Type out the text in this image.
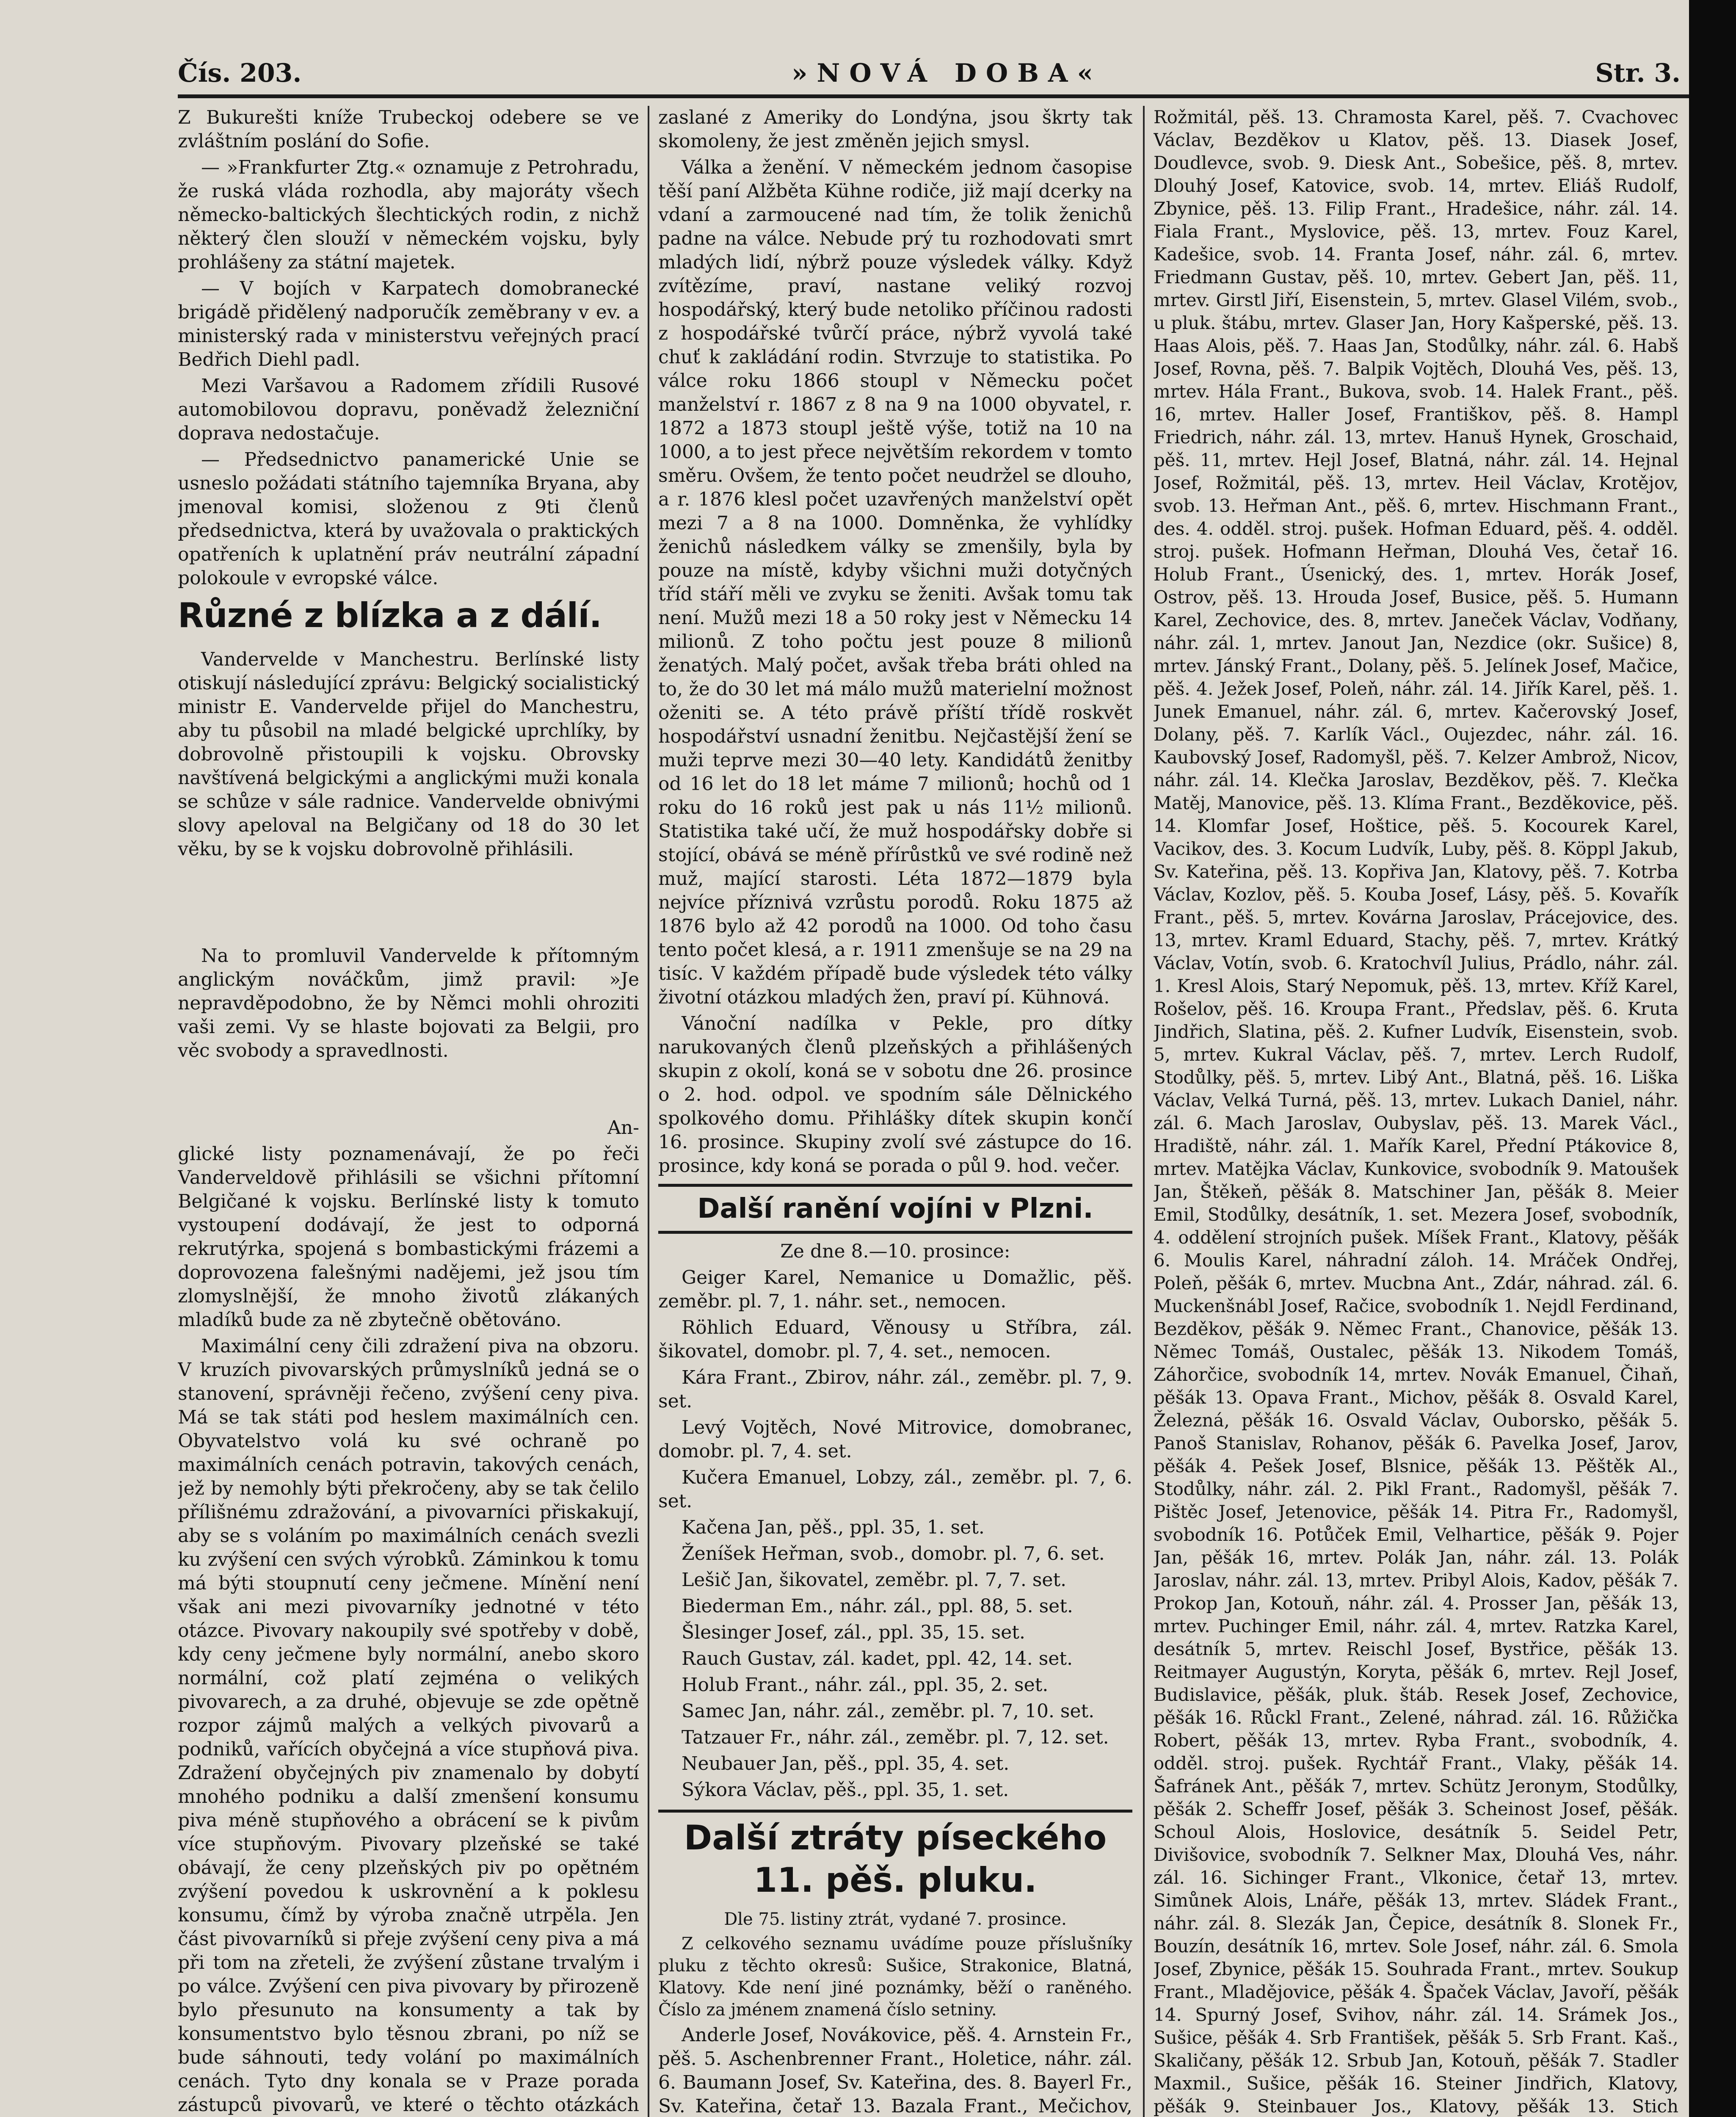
Čís. 203.	»NOVÁ DOBA«	Str. 3.

Z Bukurešti kníže Trubeckoj odebere se ve zvláštním poslání do Sofie.

— »Frankfurter Ztg.« oznamuje z Petrohradu, že ruská vláda rozhodla, aby majoráty všech německo-baltických šlechtických rodin, z nichž některý člen slouží v německém vojsku, byly prohlášeny za státní majetek.

— V bojích v Karpatech domobranecké brigádě přidělený nadporučík zeměbrany v ev. a ministerský rada v ministerstvu veřejných prací Bedřich Diehl padl.

Mezi Varšavou a Radomem zřídili Rusové automobilovou dopravu, poněvadž železniční doprava nedostačuje.

— Předsednictvo panamerické Unie se usneslo požádati státního tajemníka Bryana, aby jmenoval komisi, složenou z 9ti členů předsednictva, která by uvažovala o praktických opatřeních k uplatnění práv neutrální západní polokoule v evropské válce.

Různé z blízka a z dálí.

Vandervelde v Manchestru. Berlínské listy otiskují následující zprávu: Belgický socialistický ministr E. Vandervelde přijel do Manchestru, aby tu působil na mladé belgické uprchlíky, by dobrovolně přistoupili k vojsku. Obrovsky navštívená belgickými a anglickými muži konala se schůze v sále radnice. Vandervelde obnivými slovy apeloval na Belgičany od 18 do 30 let věku, by se k vojsku dobrovolně přihlásili.

Na to promluvil Vandervelde k přítomným anglickým nováčkům, jimž pravil: »Je nepravděpodobno, že by Němci mohli ohroziti vaši zemi. Vy se hlaste bojovati za Belgii, pro věc svobody a spravedlnosti.

An-

glické listy poznamenávají, že po řeči Vanderveldově přihlásili se všichni přítomní Belgičané k vojsku. Berlínské listy k tomuto vystoupení dodávají, že jest to odporná rekrutýrka, spojená s bombastickými frázemi a doprovozena falešnými nadějemi, jež jsou tím zlomyslnější, že mnoho životů zlákaných mladíků bude za ně zbytečně obětováno.

Maximální ceny čili zdražení piva na obzoru. V kruzích pivovarských průmyslníků jedná se o stanovení, správněji řečeno, zvýšení ceny piva. Má se tak státi pod heslem maximálních cen. Obyvatelstvo volá ku své ochraně po maximálních cenách potravin, takových cenách, jež by nemohly býti překročeny, aby se tak čelilo přílišnému zdražování, a pivovarníci přiskakují, aby se s voláním po maximálních cenách svezli ku zvýšení cen svých výrobků. Záminkou k tomu má býti stoupnutí ceny ječmene. Mínění není však ani mezi pivovarníky jednotné v této otázce. Pivovary nakoupily své spotřeby v době, kdy ceny ječmene byly normální, anebo skoro normální, což platí zejména o velikých pivovarech, a za druhé, objevuje se zde opětně rozpor zájmů malých a velkých pivovarů a podniků, vařících obyčejná a více stupňová piva. Zdražení obyčejných piv znamenalo by dobytí mnohého podniku a další zmenšení konsumu piva méně stupňového a obrácení se k pivům více stupňovým. Pivovary plzeňské se také obávají, že ceny plzeňských piv po opětném zvýšení povedou k uskrovnění a k poklesu konsumu, čímž by výroba značně utrpěla. Jen část pivovarníků si přeje zvýšení ceny piva a má při tom na zřeteli, že zvýšení zůstane trvalým i po válce. Zvýšení cen piva pivovary by přirozeně bylo přesunuto na konsumenty a tak by konsumentstvo bylo těsnou zbrani, po níž se bude sáhnouti, tedy volání po maximálních cenách. Tyto dny konala se v Praze porada zástupců pivovarů, ve které o těchto otázkách

zaslané z Ameriky do Londýna, jsou škrty tak skomoleny, že jest změněn jejich smysl.

Válka a ženění. V německém jednom časopise těší paní Alžběta Kühne rodiče, již mají dcerky na vdaní a zarmoucené nad tím, že tolik ženichů padne na válce. Nebude prý tu rozhodovati smrt mladých lidí, nýbrž pouze výsledek války. Když zvítězíme, praví, nastane veliký rozvoj hospodářský, který bude netoliko příčinou radosti z hospodářské tvůrčí práce, nýbrž vyvolá také chuť k zakládání rodin. Stvrzuje to statistika. Po válce roku 1866 stoupl v Německu počet manželství r. 1867 z 8 na 9 na 1000 obyvatel, r. 1872 a 1873 stoupl ještě výše, totiž na 10 na 1000, a to jest přece největším rekordem v tomto směru. Ovšem, že tento počet neudržel se dlouho, a r. 1876 klesl počet uzavřených manželství opět mezi 7 a 8 na 1000. Domněnka, že vyhlídky ženichů následkem války se zmenšily, byla by pouze na místě, kdyby všichni muži dotyčných tříd stáří měli ve zvyku se ženiti. Avšak tomu tak není. Mužů mezi 18 a 50 roky jest v Německu 14 milionů. Z toho počtu jest pouze 8 milionů ženatých. Malý počet, avšak třeba bráti ohled na to, že do 30 let má málo mužů materielní možnost oženiti se. A této právě příští třídě roskvět hospodářství usnadní ženitbu. Nejčastější žení se muži teprve mezi 30—40 lety. Kandidátů ženitby od 16 let do 18 let máme 7 milionů; hochů od 1 roku do 16 roků jest pak u nás 11½ milionů. Statistika také učí, že muž hospodářsky dobře si stojící, obává se méně přírůstků ve své rodině než muž, mající starosti. Léta 1872—1879 byla nejvíce příznivá vzrůstu porodů. Roku 1875 až 1876 bylo až 42 porodů na 1000. Od toho času tento počet klesá, a r. 1911 zmenšuje se na 29 na tisíc. V každém případě bude výsledek této války životní otázkou mladých žen, praví pí. Kühnová.

Vánoční nadílka v Pekle, pro dítky narukovaných členů plzeňských a přihlášených skupin z okolí, koná se v sobotu dne 26. prosince o 2. hod. odpol. ve spodním sále Dělnického spolkového domu. Přihlášky dítek skupin končí 16. prosince. Skupiny zvolí své zástupce do 16. prosince, kdy koná se porada o půl 9. hod. večer.

Další ranění vojíni v Plzni.

Ze dne 8.—10. prosince:

Geiger Karel, Nemanice u Domažlic, pěš. zeměbr. pl. 7, 1. náhr. set., nemocen.

Röhlich Eduard, Věnousy u Stříbra, zál. šikovatel, domobr. pl. 7, 4. set., nemocen.

Kára Frant., Zbirov, náhr. zál., zeměbr. pl. 7, 9. set.

Levý Vojtěch, Nové Mitrovice, domobranec, domobr. pl. 7, 4. set.

Kučera Emanuel, Lobzy, zál., zeměbr. pl. 7, 6. set.

Kačena Jan, pěš., ppl. 35, 1. set.

Ženíšek Heřman, svob., domobr. pl. 7, 6. set.

Lešič Jan, šikovatel, zeměbr. pl. 7, 7. set.

Biederman Em., náhr. zál., ppl. 88, 5. set.

Šlesinger Josef, zál., ppl. 35, 15. set.

Rauch Gustav, zál. kadet, ppl. 42, 14. set.

Holub Frant., náhr. zál., ppl. 35, 2. set.

Samec Jan, náhr. zál., zeměbr. pl. 7, 10. set.

Tatzauer Fr., náhr. zál., zeměbr. pl. 7, 12. set.

Neubauer Jan, pěš., ppl. 35, 4. set.

Sýkora Václav, pěš., ppl. 35, 1. set.

Další ztráty píseckého 11. pěš. pluku.

Dle 75. listiny ztrát, vydané 7. prosince.

Z celkového seznamu uvádíme pouze příslušníky pluku z těchto okresů: Sušice, Strakonice, Blatná, Klatovy. Kde není jiné poznámky, běží o raněného. Číslo za jménem znamená číslo setniny.

Anderle Josef, Novákovice, pěš. 4. Arnstein Fr., pěš. 5. Aschenbrenner Frant., Holetice, náhr. zál. 6. Baumann Josef, Sv. Kateřina, des. 8. Bayerl Fr., Sv. Kateřina, četař 13. Bazala Frant., Mečichov,

Rožmitál, pěš. 13. Chramosta Karel, pěš. 7. Cvachovec Václav, Bezděkov u Klatov, pěš. 13. Diasek Josef, Doudlevce, svob. 9. Diesk Ant., Sobešice, pěš. 8, mrtev. Dlouhý Josef, Katovice, svob. 14, mrtev. Eliáš Rudolf, Zbynice, pěš. 13. Filip Frant., Hradešice, náhr. zál. 14. Fiala Frant., Myslovice, pěš. 13, mrtev. Fouz Karel, Kadešice, svob. 14. Franta Josef, náhr. zál. 6, mrtev. Friedmann Gustav, pěš. 10, mrtev. Gebert Jan, pěš. 11, mrtev. Girstl Jiří, Eisenstein, 5, mrtev. Glasel Vilém, svob., u pluk. štábu, mrtev. Glaser Jan, Hory Kašperské, pěš. 13. Haas Alois, pěš. 7. Haas Jan, Stodůlky, náhr. zál. 6. Habš Josef, Rovna, pěš. 7. Balpik Vojtěch, Dlouhá Ves, pěš. 13, mrtev. Hála Frant., Bukova, svob. 14. Halek Frant., pěš. 16, mrtev. Haller Josef, Františkov, pěš. 8. Hampl Friedrich, náhr. zál. 13, mrtev. Hanuš Hynek, Groschaid, pěš. 11, mrtev. Hejl Josef, Blatná, náhr. zál. 14. Hejnal Josef, Rožmitál, pěš. 13, mrtev. Heil Václav, Krotějov, svob. 13. Heřman Ant., pěš. 6, mrtev. Hischmann Frant., des. 4. odděl. stroj. pušek. Hofman Eduard, pěš. 4. odděl. stroj. pušek. Hofmann Heřman, Dlouhá Ves, četař 16. Holub Frant., Úsenický, des. 1, mrtev. Horák Josef, Ostrov, pěš. 13. Hrouda Josef, Busice, pěš. 5. Humann Karel, Zechovice, des. 8, mrtev. Janeček Václav, Vodňany, náhr. zál. 1, mrtev. Janout Jan, Nezdice (okr. Sušice) 8, mrtev. Jánský Frant., Dolany, pěš. 5. Jelínek Josef, Mačice, pěš. 4. Ježek Josef, Poleň, náhr. zál. 14. Jiřík Karel, pěš. 1. Junek Emanuel, náhr. zál. 6, mrtev. Kačerovský Josef, Dolany, pěš. 7. Karlík Václ., Oujezdec, náhr. zál. 16. Kaubovský Josef, Radomyšl, pěš. 7. Kelzer Ambrož, Nicov, náhr. zál. 14. Klečka Jaroslav, Bezděkov, pěš. 7. Klečka Matěj, Manovice, pěš. 13. Klíma Frant., Bezděkovice, pěš. 14. Klomfar Josef, Hoštice, pěš. 5. Kocourek Karel, Vacikov, des. 3. Kocum Ludvík, Luby, pěš. 8. Köppl Jakub, Sv. Kateřina, pěš. 13. Kopřiva Jan, Klatovy, pěš. 7. Kotrba Václav, Kozlov, pěš. 5. Kouba Josef, Lásy, pěš. 5. Kovařík Frant., pěš. 5, mrtev. Kovárna Jaroslav, Prácejovice, des. 13, mrtev. Kraml Eduard, Stachy, pěš. 7, mrtev. Krátký Václav, Votín, svob. 6. Kratochvíl Julius, Prádlo, náhr. zál. 1. Kresl Alois, Starý Nepomuk, pěš. 13, mrtev. Kříž Karel, Rošelov, pěš. 16. Kroupa Frant., Předslav, pěš. 6. Kruta Jindřich, Slatina, pěš. 2. Kufner Ludvík, Eisenstein, svob. 5, mrtev. Kukral Václav, pěš. 7, mrtev. Lerch Rudolf, Stodůlky, pěš. 5, mrtev. Libý Ant., Blatná, pěš. 16. Liška Václav, Velká Turná, pěš. 13, mrtev. Lukach Daniel, náhr. zál. 6. Mach Jaroslav, Oubyslav, pěš. 13. Marek Václ., Hradiště, náhr. zál. 1. Mařík Karel, Přední Ptákovice 8, mrtev. Matějka Václav, Kunkovice, svobodník 9. Matoušek Jan, Štěkeň, pěšák 8. Matschiner Jan, pěšák 8. Meier Emil, Stodůlky, desátník, 1. set. Mezera Josef, svobodník, 4. oddělení strojních pušek. Míšek Frant., Klatovy, pěšák 6. Moulis Karel, náhradní záloh. 14. Mráček Ondřej, Poleň, pěšák 6, mrtev. Mucbna Ant., Zdár, náhrad. zál. 6. Muckenšnábl Josef, Račice, svobodník 1. Nejdl Ferdinand, Bezděkov, pěšák 9. Němec Frant., Chanovice, pěšák 13. Němec Tomáš, Oustalec, pěšák 13. Nikodem Tomáš, Záhorčice, svobodník 14, mrtev. Novák Emanuel, Čihaň, pěšák 13. Opava Frant., Michov, pěšák 8. Osvald Karel, Železná, pěšák 16. Osvald Václav, Ouborsko, pěšák 5. Panoš Stanislav, Rohanov, pěšák 6. Pavelka Josef, Jarov, pěšák 4. Pešek Josef, Blsnice, pěšák 13. Pěštěk Al., Stodůlky, náhr. zál. 2. Pikl Frant., Radomyšl, pěšák 7. Pištěc Josef, Jetenovice, pěšák 14. Pitra Fr., Radomyšl, svobodník 16. Potůček Emil, Velhartice, pěšák 9. Pojer Jan, pěšák 16, mrtev. Polák Jan, náhr. zál. 13. Polák Jaroslav, náhr. zál. 13, mrtev. Pribyl Alois, Kadov, pěšák 7. Prokop Jan, Kotouň, náhr. zál. 4. Prosser Jan, pěšák 13, mrtev. Puchinger Emil, náhr. zál. 4, mrtev. Ratzka Karel, desátník 5, mrtev. Reischl Josef, Bystřice, pěšák 13. Reitmayer Augustýn, Koryta, pěšák 6, mrtev. Rejl Josef, Budislavice, pěšák, pluk. štáb. Resek Josef, Zechovice, pěšák 16. Růckl Frant., Zelené, náhrad. zál. 16. Růžička Robert, pěšák 13, mrtev. Ryba Frant., svobodník, 4. odděl. stroj. pušek. Rychtář Frant., Vlaky, pěšák 14. Šafránek Ant., pěšák 7, mrtev. Schütz Jeronym, Stodůlky, pěšák 2. Scheffr Josef, pěšák 3. Scheinost Josef, pěšák. Schoul Alois, Hoslovice, desátník 5. Seidel Petr, Divišovice, svobodník 7. Selkner Max, Dlouhá Ves, náhr. zál. 16. Sichinger Frant., Vlkonice, četař 13, mrtev. Simůnek Alois, Lnáře, pěšák 13, mrtev. Sládek Frant., náhr. zál. 8. Slezák Jan, Čepice, desátník 8. Slonek Fr., Bouzín, desátník 16, mrtev. Sole Josef, náhr. zál. 6. Smola Josef, Zbynice, pěšák 15. Souhrada Frant., mrtev. Soukup Frant., Mladějovice, pěšák 4. Špaček Václav, Javoří, pěšák 14. Spurný Josef, Svihov, náhr. zál. 14. Srámek Jos., Sušice, pěšák 4. Srb František, pěšák 5. Srb Frant. Kaš., Skaličany, pěšák 12. Srbub Jan, Kotouň, pěšák 7. Stadler Maxmil., Sušice, pěšák 16. Steiner Jindřich, Klatovy, pěšák 9. Steinbauer Jos., Klatovy, pěšák 13. Stich
